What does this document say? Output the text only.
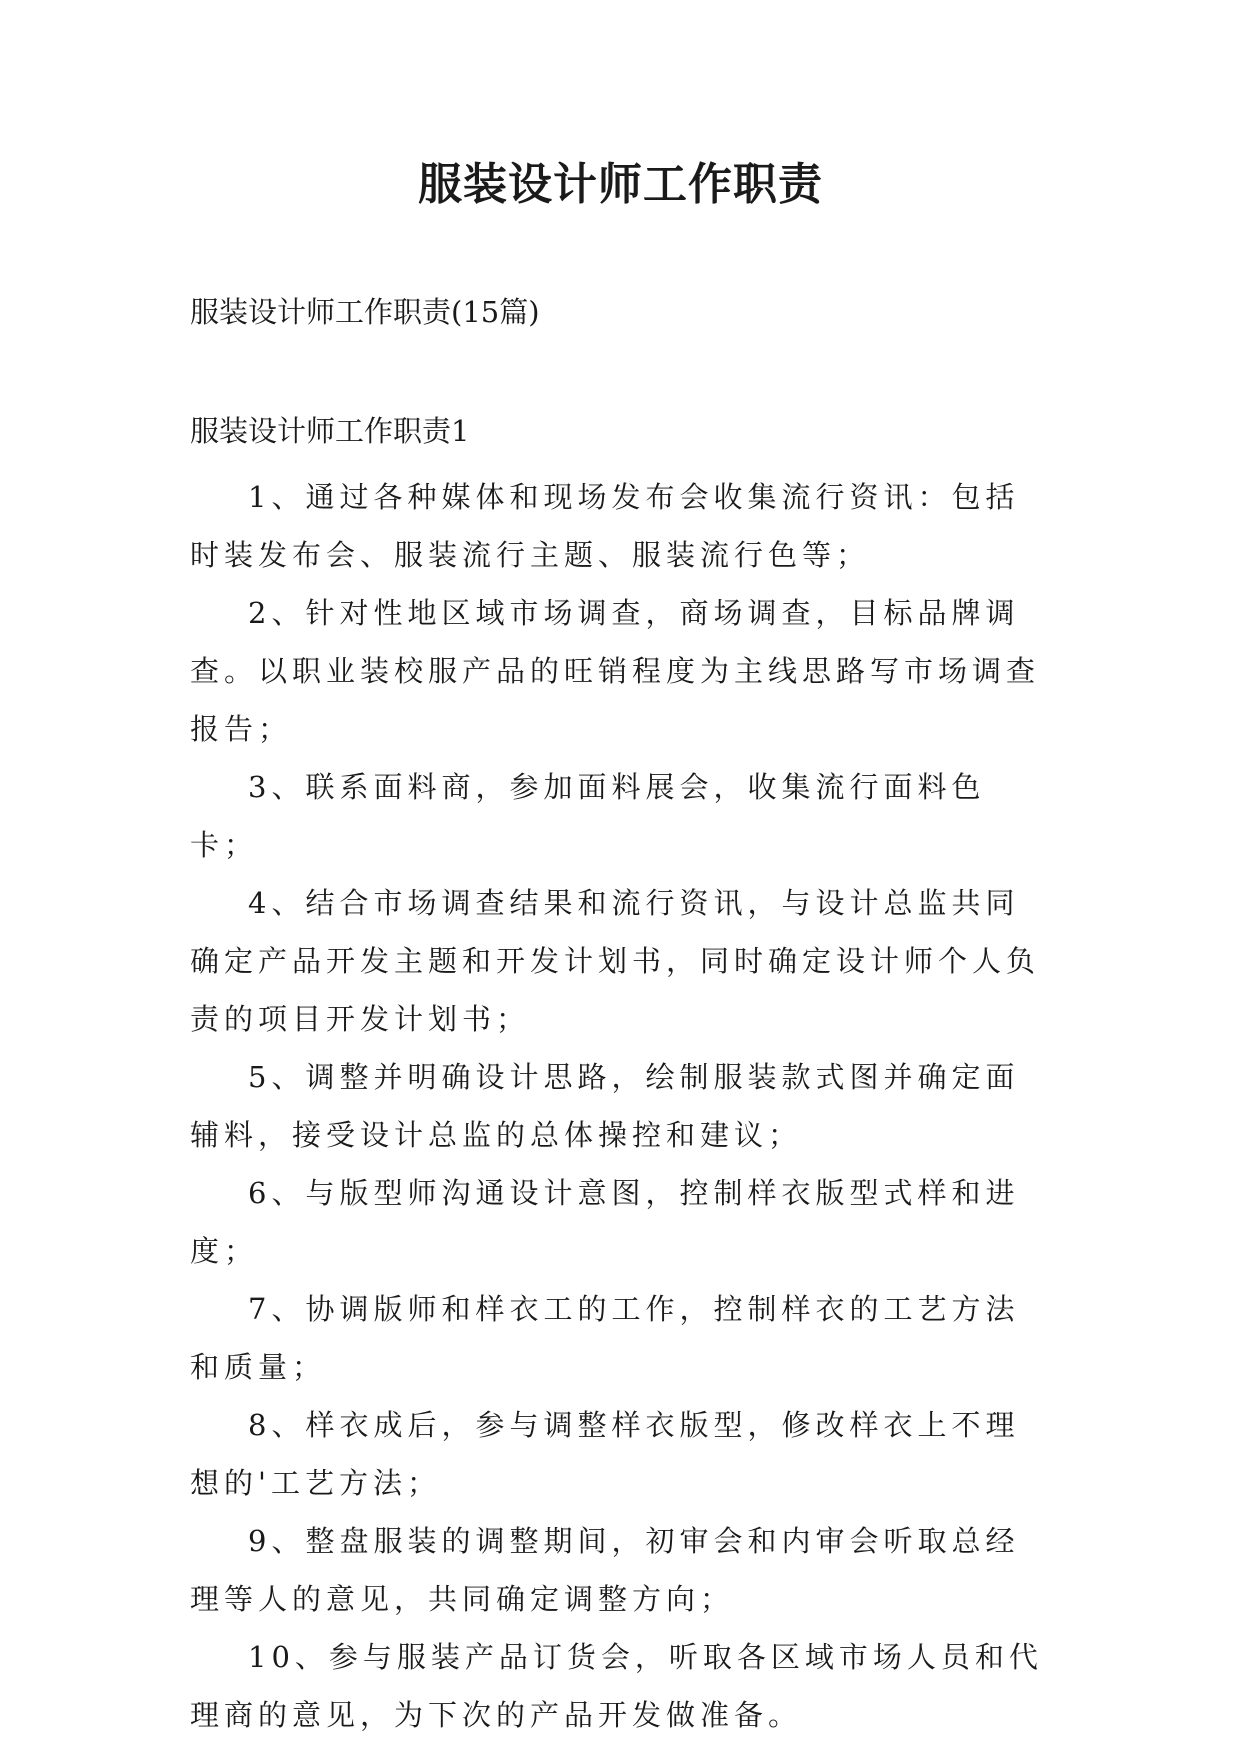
服装设计师工作职责

服装设计师工作职责(15篇)

服装设计师工作职责1

1、通过各种媒体和现场发布会收集流行资讯：包括时装发布会、服装流行主题、服装流行色等；

2、针对性地区域市场调查，商场调查，目标品牌调查。以职业装校服产品的旺销程度为主线思路写市场调查报告；

3、联系面料商，参加面料展会，收集流行面料色卡；

4、结合市场调查结果和流行资讯，与设计总监共同确定产品开发主题和开发计划书，同时确定设计师个人负责的项目开发计划书；

5、调整并明确设计思路，绘制服装款式图并确定面辅料，接受设计总监的总体操控和建议；

6、与版型师沟通设计意图，控制样衣版型式样和进度；

7、协调版师和样衣工的工作，控制样衣的工艺方法和质量；

8、样衣成后，参与调整样衣版型，修改样衣上不理想的'工艺方法；

9、整盘服装的调整期间，初审会和内审会听取总经理等人的意见，共同确定调整方向；

10、参与服装产品订货会，听取各区域市场人员和代理商的意见，为下次的产品开发做准备。
